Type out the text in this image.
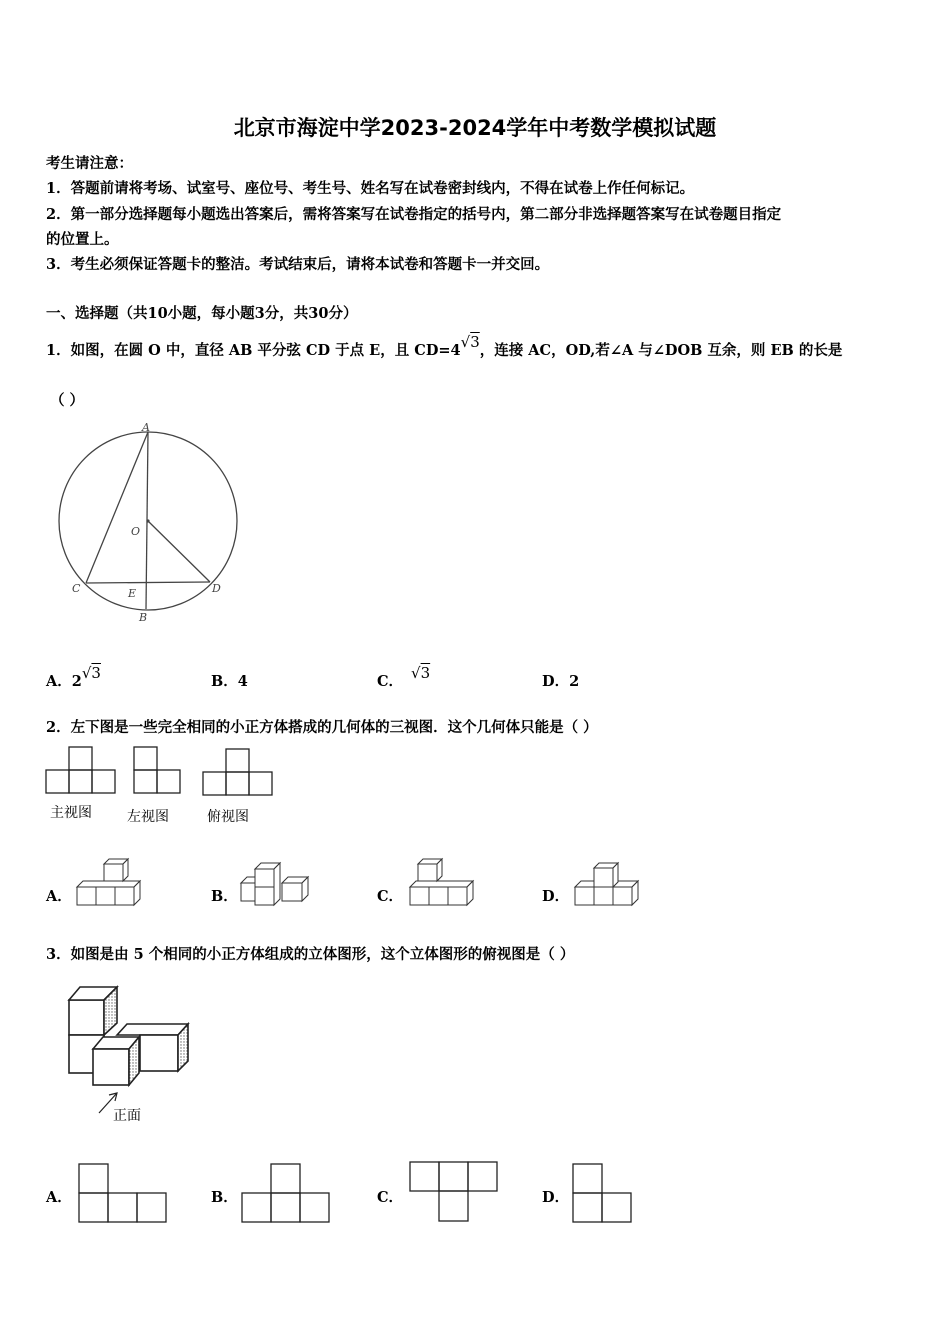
北京市海淀中学2023-2024学年中考数学模拟试题
考生请注意：
1．答题前请将考场、试室号、座位号、考生号、姓名写在试卷密封线内，不得在试卷上作任何标记。
2．第一部分选择题每小题选出答案后，需将答案写在试卷指定的括号内，第二部分非选择题答案写在试卷题目指定
的位置上。
3．考生必须保证答题卡的整洁。考试结束后，请将本试卷和答题卡一并交回。
一、选择题（共10小题，每小题3分，共30分）
1．如图，在圆 O 中，直径 AB 平分弦 CD 于点 E，且 CD=4√3，连接 AC，OD,若∠A 与∠DOB 互余，则 EB 的长是
（ ）
A
O
C	D
E
B
A．2√3	B．4	C． √3	D．2
2．左下图是一些完全相同的小正方体搭成的几何体的三视图．这个几何体只能是（ ）
主视图	左视图	俯视图
A．	B．	C．	D．
3．如图是由 5 个相同的小正方体组成的立体图形，这个立体图形的俯视图是（ ）
正面
A．	B．	C．	D．
